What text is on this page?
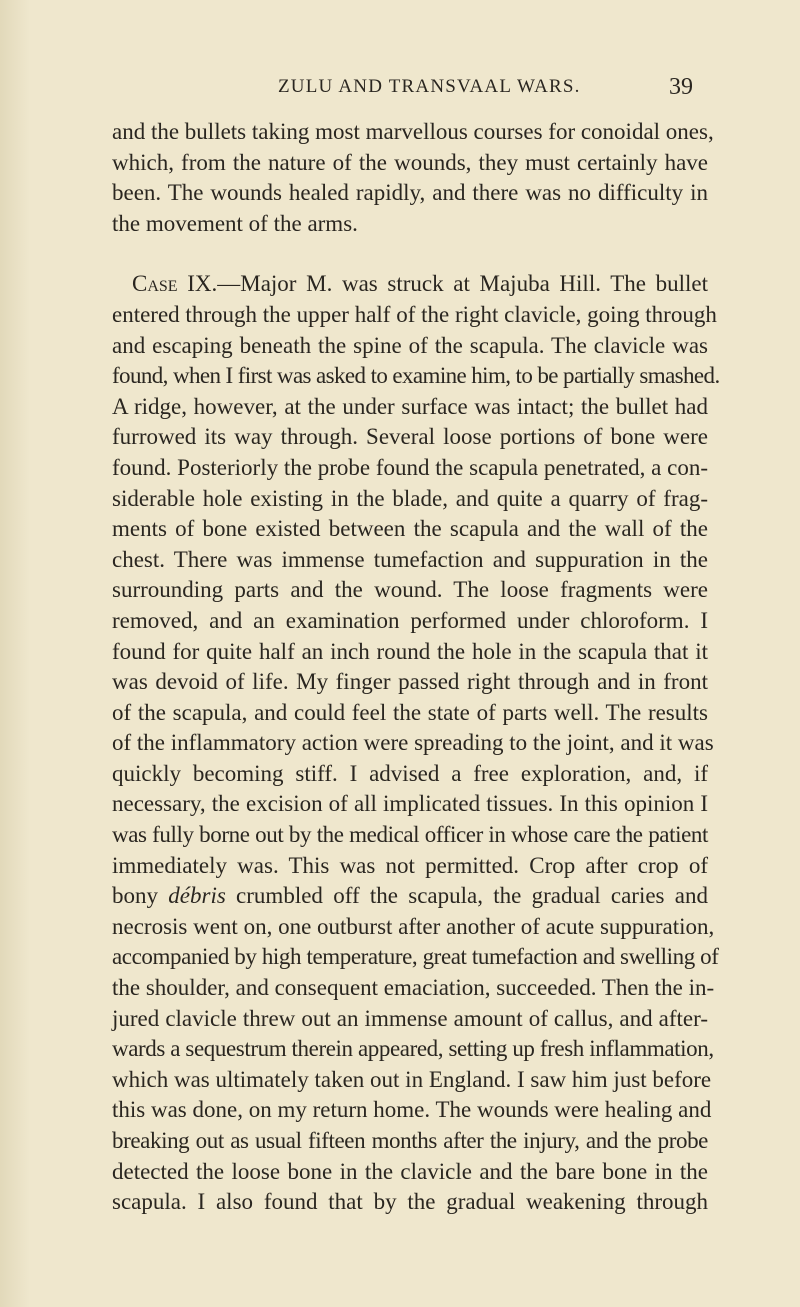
ZULU AND TRANSVAAL WARS.	39
and the bullets taking most marvellous courses for conoidal ones,
which, from the nature of the wounds, they must certainly have
been. The wounds healed rapidly, and there was no difficulty in
the movement of the arms.
Case IX.—Major M. was struck at Majuba Hill. The bullet
entered through the upper half of the right clavicle, going through
and escaping beneath the spine of the scapula. The clavicle was
found, when I first was asked to examine him, to be partially smashed.
A ridge, however, at the under surface was intact; the bullet had
furrowed its way through. Several loose portions of bone were
found. Posteriorly the probe found the scapula penetrated, a con-
siderable hole existing in the blade, and quite a quarry of frag-
ments of bone existed between the scapula and the wall of the
chest. There was immense tumefaction and suppuration in the
surrounding parts and the wound. The loose fragments were
removed, and an examination performed under chloroform. I
found for quite half an inch round the hole in the scapula that it
was devoid of life. My finger passed right through and in front
of the scapula, and could feel the state of parts well. The results
of the inflammatory action were spreading to the joint, and it was
quickly becoming stiff. I advised a free exploration, and, if
necessary, the excision of all implicated tissues. In this opinion I
was fully borne out by the medical officer in whose care the patient
immediately was. This was not permitted. Crop after crop of
bony débris crumbled off the scapula, the gradual caries and
necrosis went on, one outburst after another of acute suppuration,
accompanied by high temperature, great tumefaction and swelling of
the shoulder, and consequent emaciation, succeeded. Then the in-
jured clavicle threw out an immense amount of callus, and after-
wards a sequestrum therein appeared, setting up fresh inflammation,
which was ultimately taken out in England. I saw him just before
this was done, on my return home. The wounds were healing and
breaking out as usual fifteen months after the injury, and the probe
detected the loose bone in the clavicle and the bare bone in the
scapula. I also found that by the gradual weakening through
